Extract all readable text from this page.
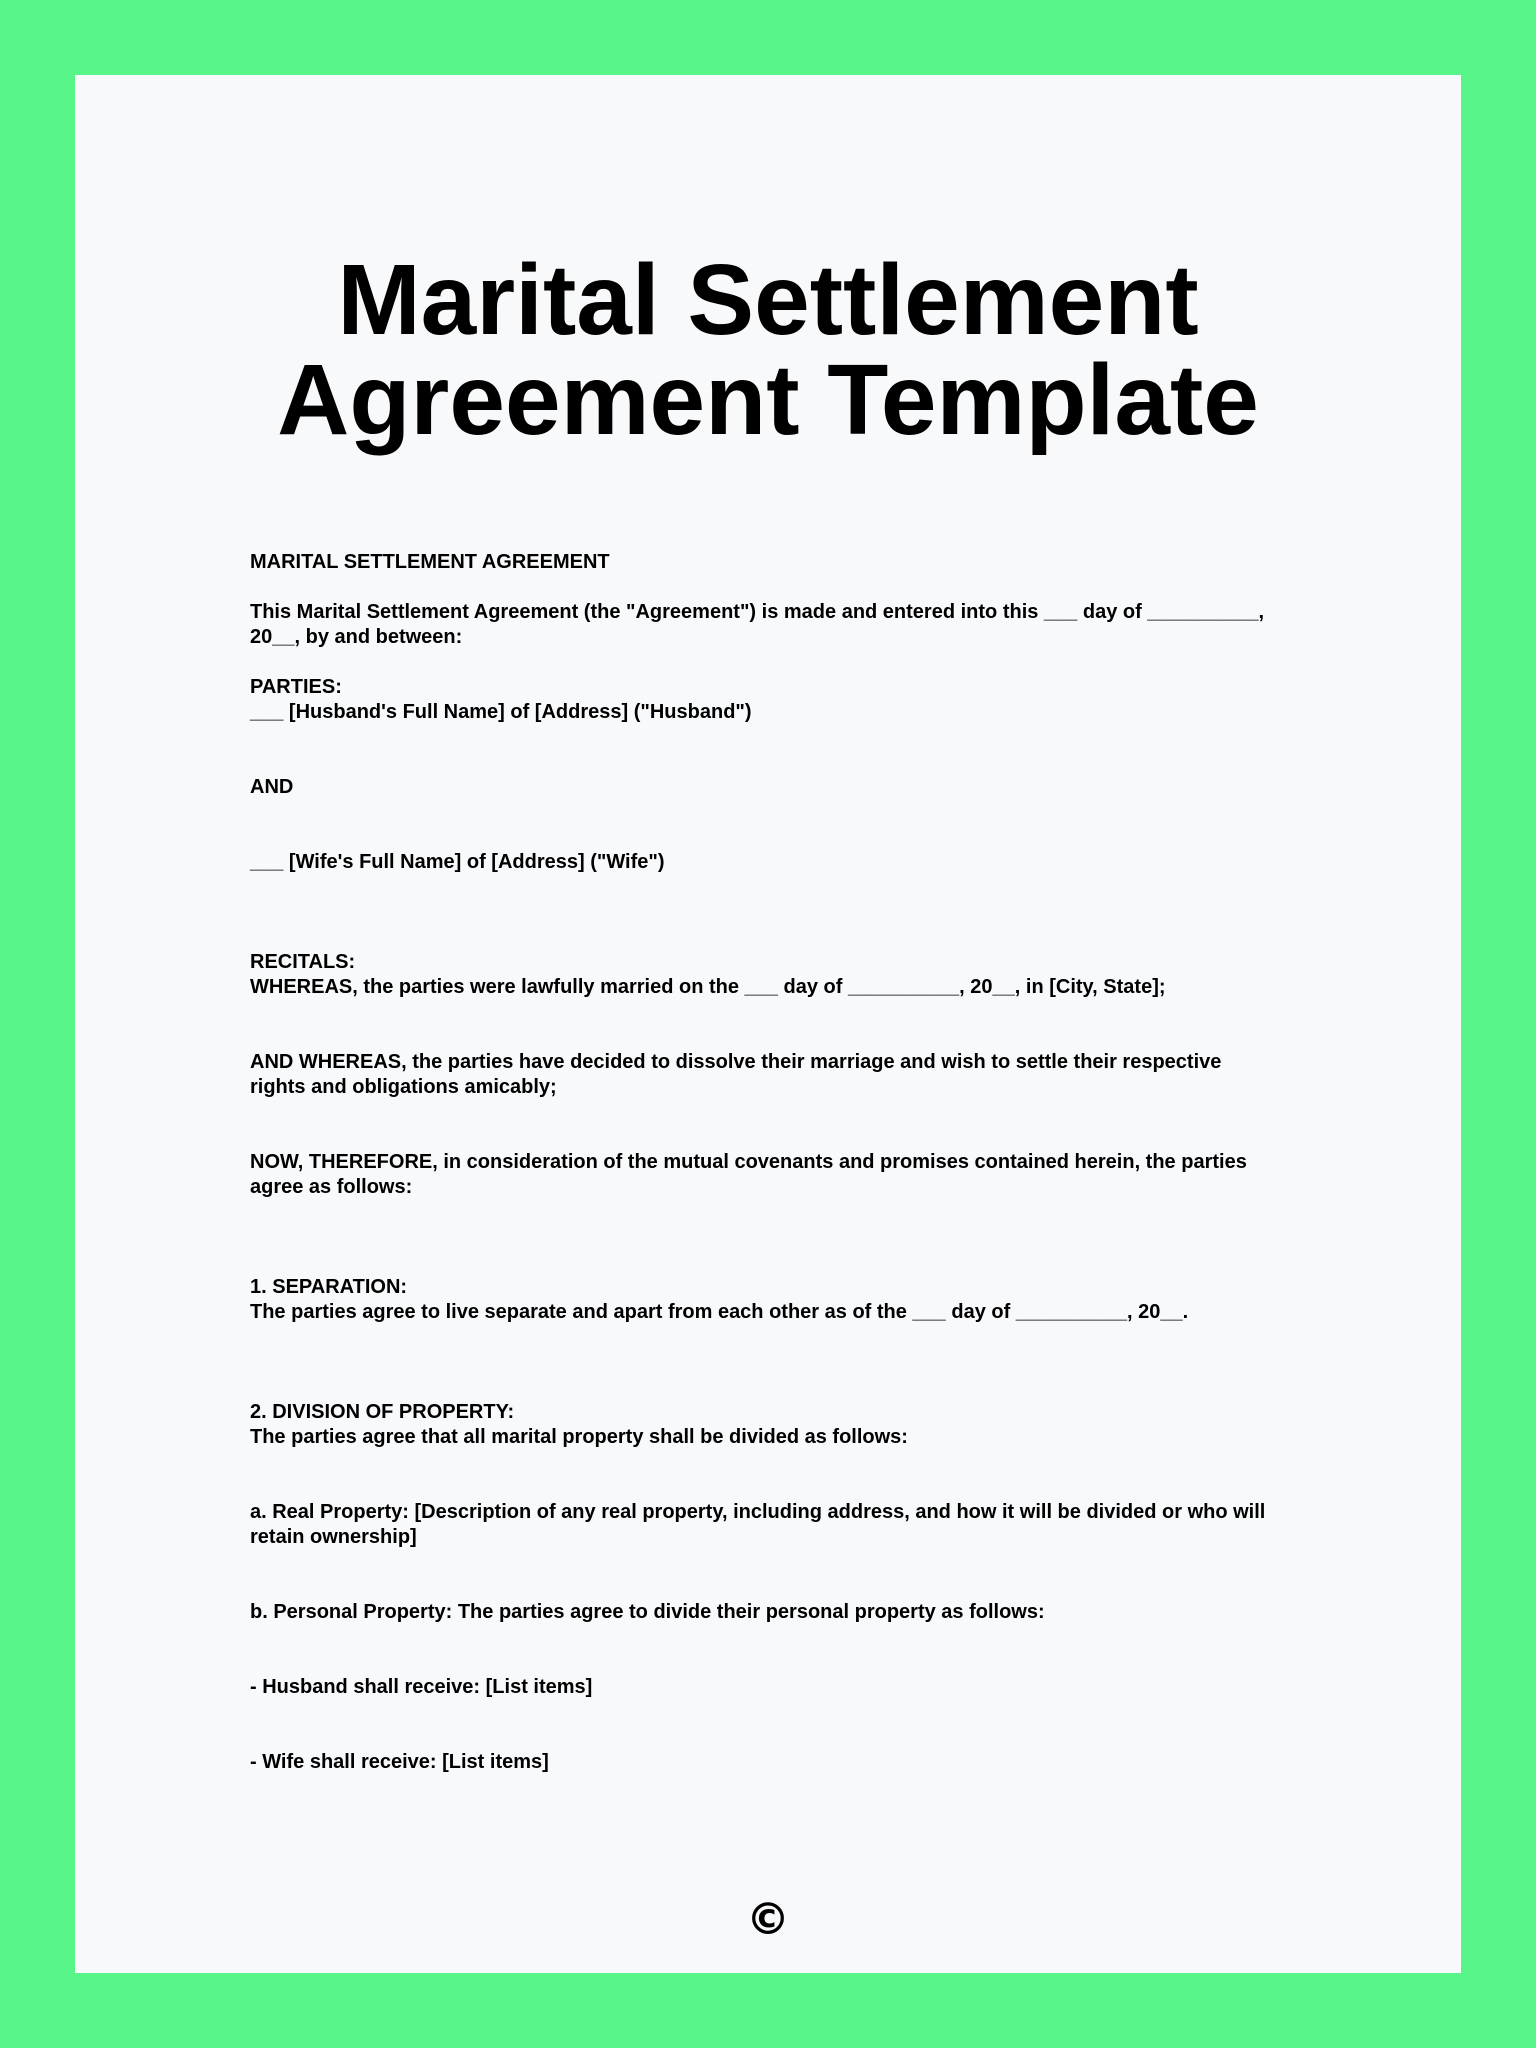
Marital Settlement
Agreement Template

MARITAL SETTLEMENT AGREEMENT

This Marital Settlement Agreement (the "Agreement") is made and entered into this ___ day of __________,
20__, by and between:

PARTIES:
___ [Husband's Full Name] of [Address] ("Husband")

AND

___ [Wife's Full Name] of [Address] ("Wife")

RECITALS:
WHEREAS, the parties were lawfully married on the ___ day of __________, 20__, in [City, State];

AND WHEREAS, the parties have decided to dissolve their marriage and wish to settle their respective
rights and obligations amicably;

NOW, THEREFORE, in consideration of the mutual covenants and promises contained herein, the parties
agree as follows:

1. SEPARATION:
The parties agree to live separate and apart from each other as of the ___ day of __________, 20__.

2. DIVISION OF PROPERTY:
The parties agree that all marital property shall be divided as follows:

a. Real Property: [Description of any real property, including address, and how it will be divided or who will
retain ownership]

b. Personal Property: The parties agree to divide their personal property as follows:

- Husband shall receive: [List items]

- Wife shall receive: [List items]

©
